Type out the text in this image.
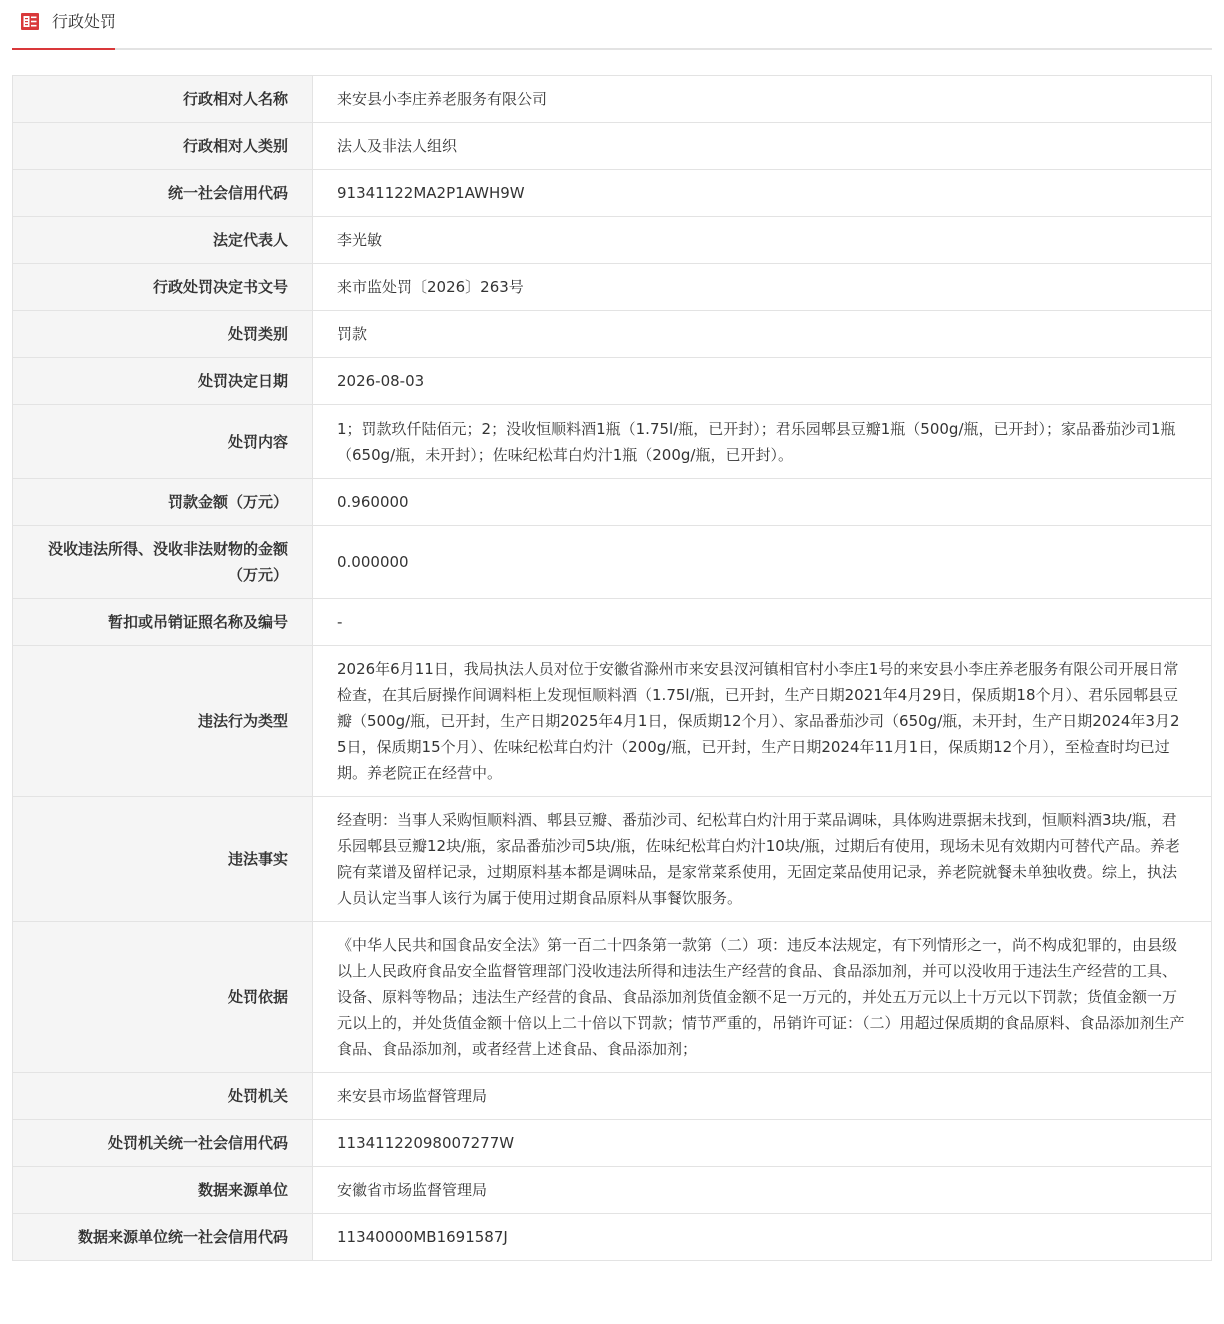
行政处罚
行政相对人名称	来安县小李庄养老服务有限公司
行政相对人类别	法人及非法人组织
统一社会信用代码	91341122MA2P1AWH9W
法定代表人	李光敏
行政处罚决定书文号	来市监处罚〔2026〕263号
处罚类别	罚款
处罚决定日期	2026-08-03
处罚内容	1；罚款玖仟陆佰元；2；没收恒顺料酒1瓶（1.75l/瓶，已开封）；君乐园郫县豆瓣1瓶（500g/瓶，已开封）；家品番茄沙司1瓶（650g/瓶，未开封）；佐味纪松茸白灼汁1瓶（200g/瓶，已开封）。
罚款金额（万元）	0.960000
没收违法所得、没收非法财物的金额（万元）	0.000000
暂扣或吊销证照名称及编号	-
违法行为类型	2026年6月11日，我局执法人员对位于安徽省滁州市来安县汊河镇相官村小李庄1号的来安县小李庄养老服务有限公司开展日常检查，在其后厨操作间调料柜上发现恒顺料酒（1.75l/瓶，已开封，生产日期2021年4月29日，保质期18个月）、君乐园郫县豆瓣（500g/瓶，已开封，生产日期2025年4月1日，保质期12个月）、家品番茄沙司（650g/瓶，未开封，生产日期2024年3月25日，保质期15个月）、佐味纪松茸白灼汁（200g/瓶，已开封，生产日期2024年11月1日，保质期12个月），至检查时均已过期。养老院正在经营中。
违法事实	经查明：当事人采购恒顺料酒、郫县豆瓣、番茄沙司、纪松茸白灼汁用于菜品调味，具体购进票据未找到，恒顺料酒3块/瓶，君乐园郫县豆瓣12块/瓶，家品番茄沙司5块/瓶，佐味纪松茸白灼汁10块/瓶，过期后有使用，现场未见有效期内可替代产品。养老院有菜谱及留样记录，过期原料基本都是调味品，是家常菜系使用，无固定菜品使用记录，养老院就餐未单独收费。综上，执法人员认定当事人该行为属于使用过期食品原料从事餐饮服务。
处罚依据	《中华人民共和国食品安全法》第一百二十四条第一款第（二）项：违反本法规定，有下列情形之一，尚不构成犯罪的，由县级以上人民政府食品安全监督管理部门没收违法所得和违法生产经营的食品、食品添加剂，并可以没收用于违法生产经营的工具、设备、原料等物品；违法生产经营的食品、食品添加剂货值金额不足一万元的，并处五万元以上十万元以下罚款；货值金额一万元以上的，并处货值金额十倍以上二十倍以下罚款；情节严重的，吊销许可证：（二）用超过保质期的食品原料、食品添加剂生产食品、食品添加剂，或者经营上述食品、食品添加剂；
处罚机关	来安县市场监督管理局
处罚机关统一社会信用代码	11341122098007277W
数据来源单位	安徽省市场监督管理局
数据来源单位统一社会信用代码	11340000MB1691587J
